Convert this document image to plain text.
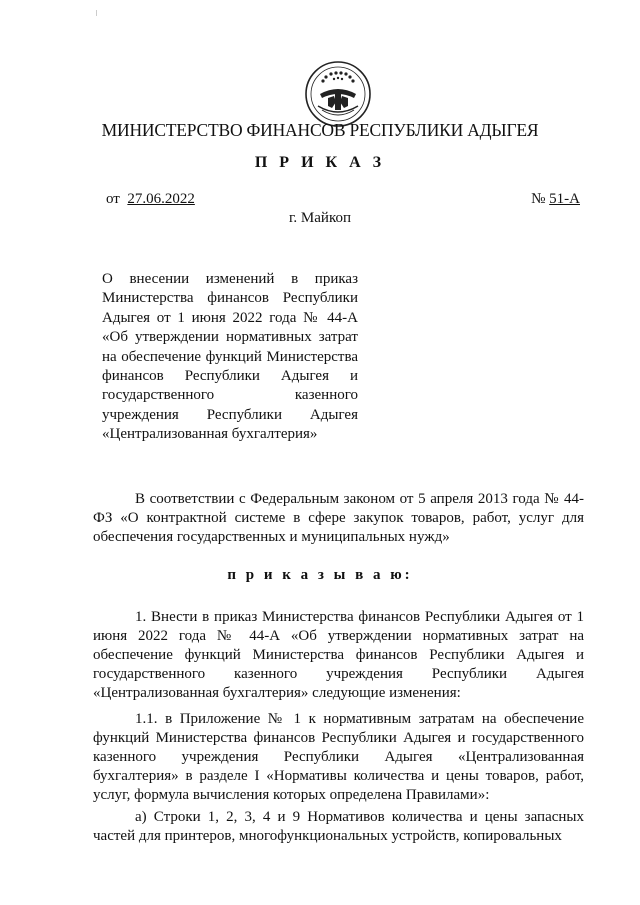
МИНИСТЕРСТВО ФИНАНСОВ РЕСПУБЛИКИ АДЫГЕЯ
П Р И К А З
от 27.06.2022	№ 51-А
г. Майкоп
О внесении изменений в приказ Министерства финансов Республики Адыгея от 1 июня 2022 года № 44-А «Об утверждении нормативных затрат на обеспечение функций Министерства финансов Республики Адыгея и государственного казенного учреждения Республики Адыгея «Централизованная бухгалтерия»
В соответствии с Федеральным законом от 5 апреля 2013 года № 44-ФЗ «О контрактной системе в сфере закупок товаров, работ, услуг для обеспечения государственных и муниципальных нужд»
п р и к а з ы в а ю:
1. Внести в приказ Министерства финансов Республики Адыгея от 1 июня 2022 года № 44-А «Об утверждении нормативных затрат на обеспечение функций Министерства финансов Республики Адыгея и государственного казенного учреждения Республики Адыгея «Централизованная бухгалтерия» следующие изменения:
1.1. в Приложение № 1 к нормативным затратам на обеспечение функций Министерства финансов Республики Адыгея и государственного казенного учреждения Республики Адыгея «Централизованная бухгалтерия» в разделе I «Нормативы количества и цены товаров, работ, услуг, формула вычисления которых определена Правилами»:
а) Строки 1, 2, 3, 4 и 9 Нормативов количества и цены запасных частей для принтеров, многофункциональных устройств, копировальных
